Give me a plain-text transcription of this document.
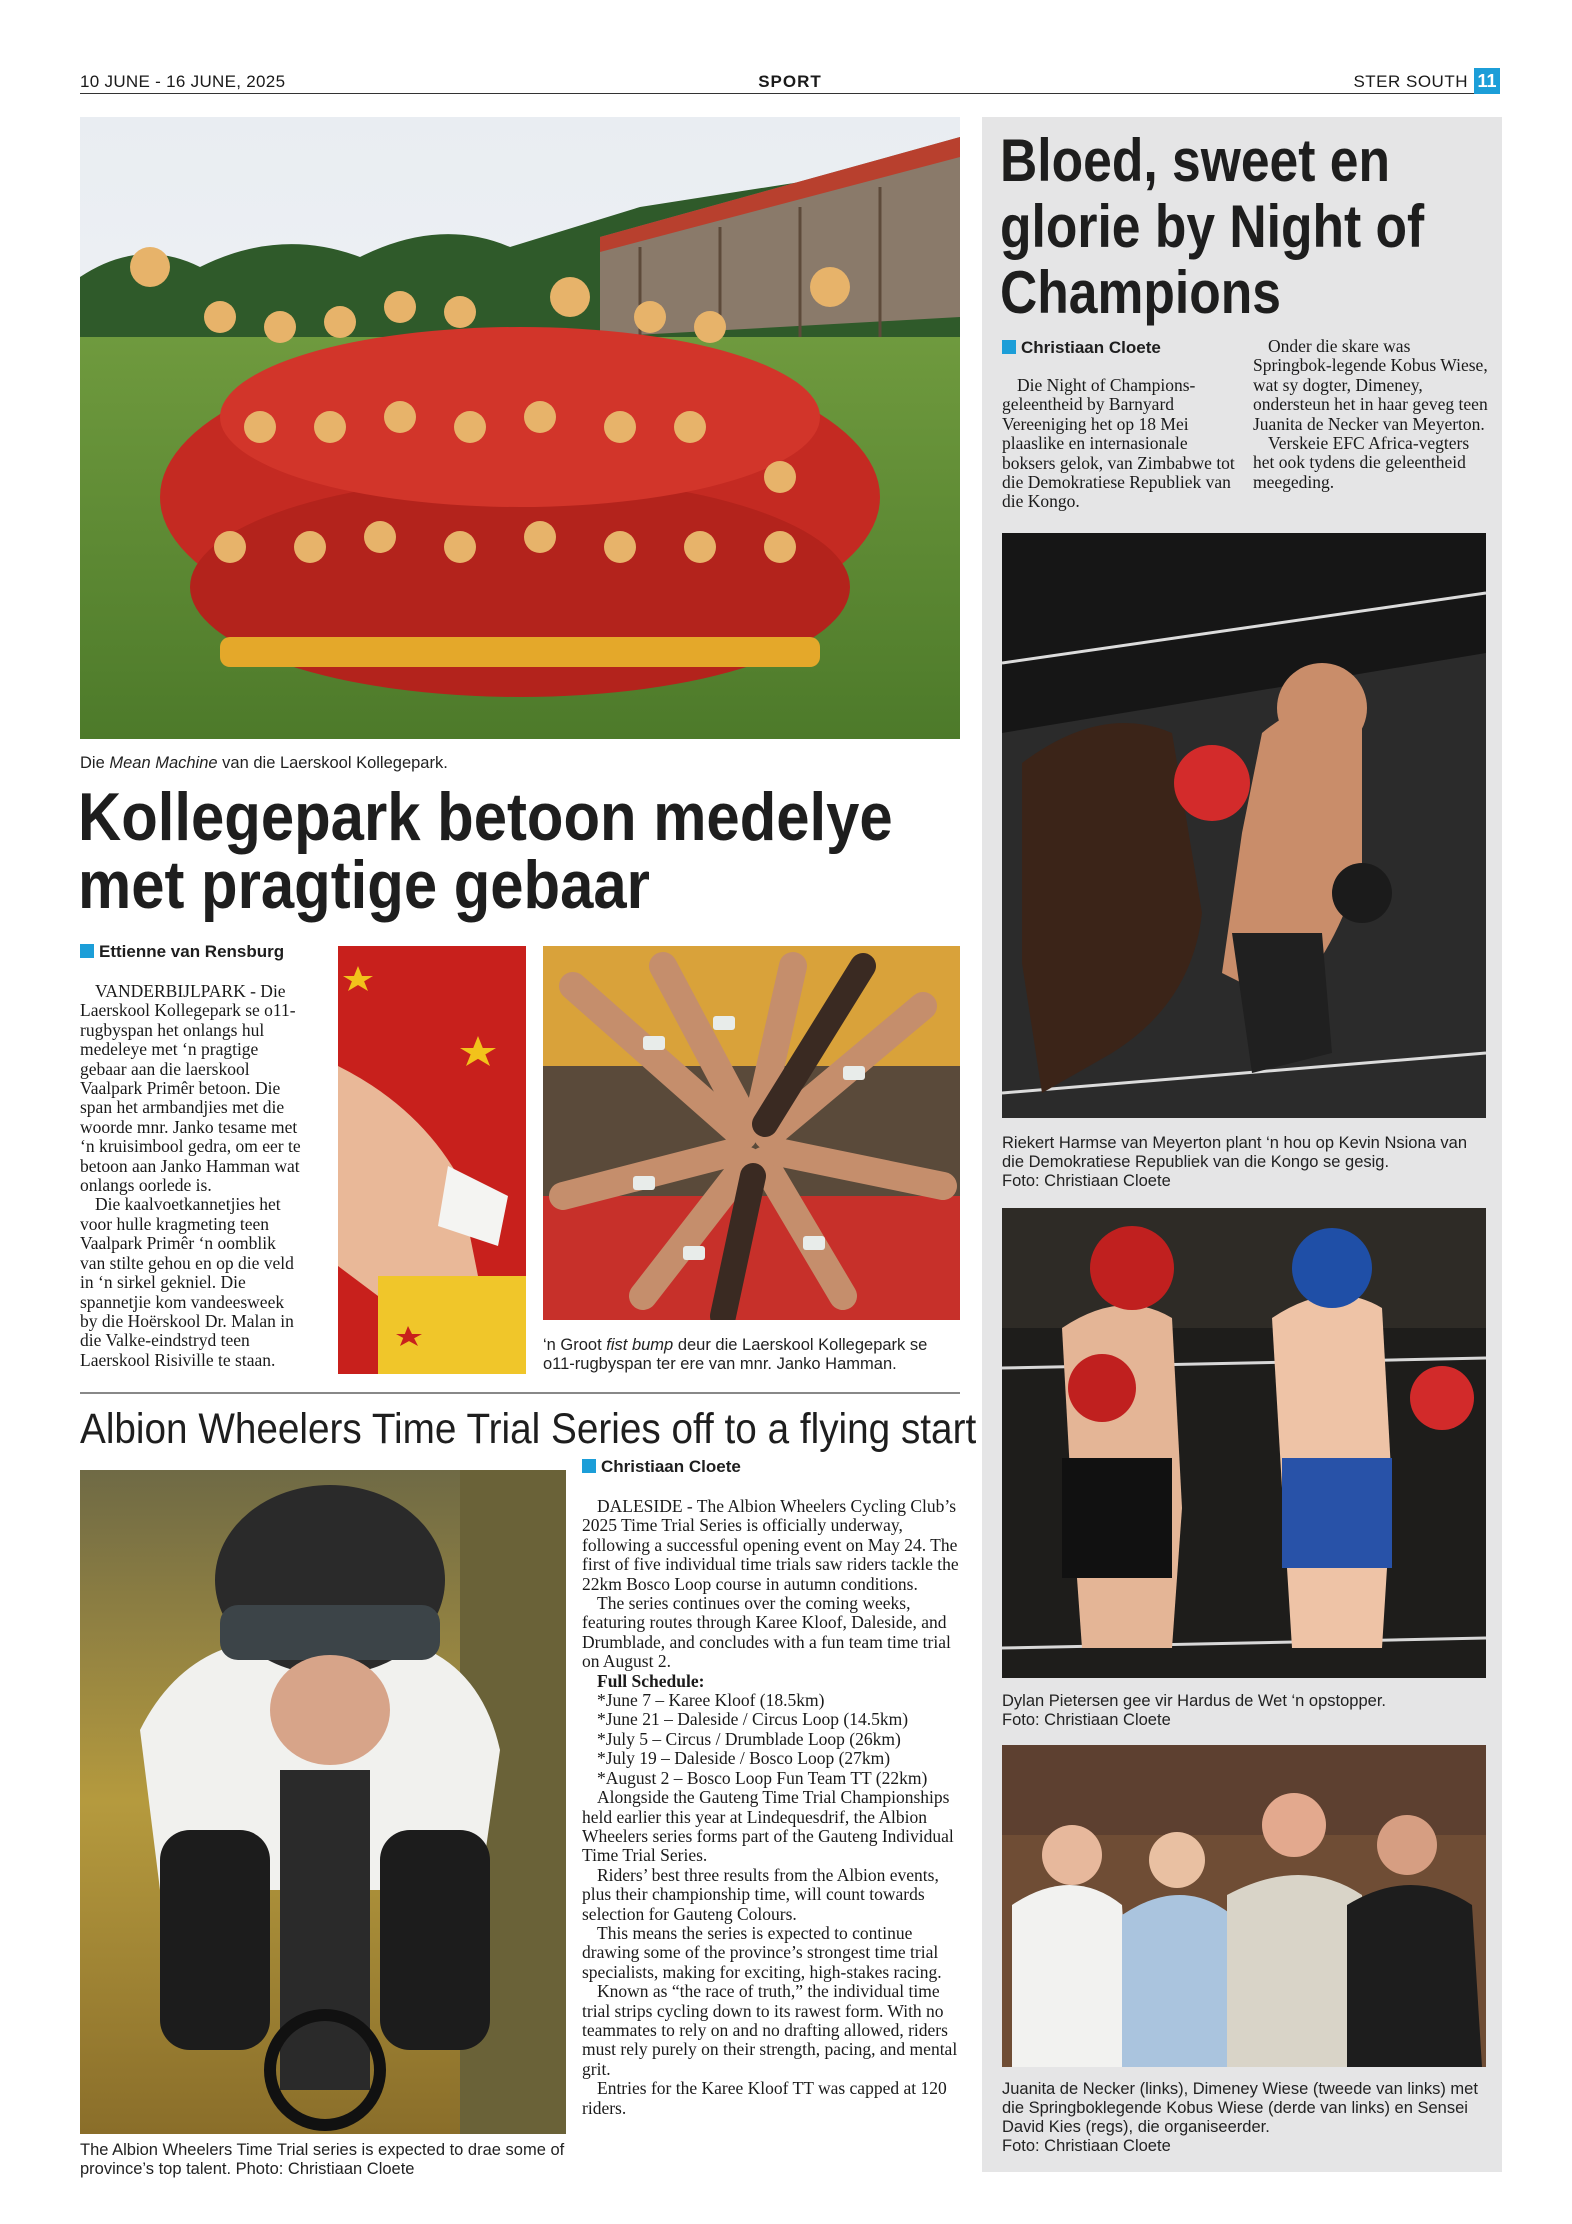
10 JUNE - 16 JUNE, 2025	SPORT	STER SOUTH 11
Die Mean Machine van die Laerskool Kollegepark.
Kollegepark betoon medelye
met pragtige gebaar
Ettienne van Rensburg

VANDERBIJLPARK - Die Laerskool Kollegepark se o11-rugbyspan het onlangs hul medeleye met ‘n pragtige gebaar aan die laerskool Vaalpark Primêr betoon. Die span het armbandjies met die woorde mnr. Janko tesame met ‘n kruisimbool gedra, om eer te betoon aan Janko Hamman wat onlangs oorlede is.

Die kaalvoetkannetjies het voor hulle kragmeting teen Vaalpark Primêr ‘n oomblik van stilte gehou en op die veld in ‘n sirkel gekniel. Die spannetjie kom vandeesweek by die Hoërskool Dr. Malan in die Valke-eindstryd teen Laerskool Risiville te staan.

‘n Groot fist bump deur die Laerskool Kollegepark se o11-rugbyspan ter ere van mnr. Janko Hamman.
Albion Wheelers Time Trial Series off to a flying start
The Albion Wheelers Time Trial series is expected to drae some of province’s top talent. Photo: Christiaan Cloete
Christiaan Cloete

DALESIDE - The Albion Wheelers Cycling Club’s 2025 Time Trial Series is officially underway, following a successful opening event on May 24. The first of five individual time trials saw riders tackle the 22km Bosco Loop course in autumn conditions.

The series continues over the coming weeks, featuring routes through Karee Kloof, Daleside, and Drumblade, and concludes with a fun team time trial on August 2.

Full Schedule:

*June 7 – Karee Kloof (18.5km)

*June 21 – Daleside / Circus Loop (14.5km)

*July 5 – Circus / Drumblade Loop (26km)

*July 19 – Daleside / Bosco Loop (27km)

*August 2 – Bosco Loop Fun Team TT (22km)

Alongside the Gauteng Time Trial Championships held earlier this year at Lindequesdrif, the Albion Wheelers series forms part of the Gauteng Individual Time Trial Series.

Riders’ best three results from the Albion events, plus their championship time, will count towards selection for Gauteng Colours.

This means the series is expected to continue drawing some of the province’s strongest time trial specialists, making for exciting, high-stakes racing.

Known as “the race of truth,” the individual time trial strips cycling down to its rawest form. With no teammates to rely on and no drafting allowed, riders must rely purely on their strength, pacing, and mental grit.

Entries for the Karee Kloof TT was capped at 120 riders.

Bloed, sweet en
glorie by Night of
Champions
Christiaan Cloete

Die Night of Champions-geleentheid by Barnyard Vereeniging het op 18 Mei plaaslike en internasionale boksers gelok, van Zimbabwe tot die Demokratiese Republiek van die Kongo.

Onder die skare was Springbok-legende Kobus Wiese, wat sy dogter, Dimeney, ondersteun het in haar geveg teen Juanita de Necker van Meyerton.

Verskeie EFC Africa-vegters het ook tydens die geleentheid meegeding.

Riekert Harmse van Meyerton plant ‘n hou op Kevin Nsiona van die Demokratiese Republiek van die Kongo se gesig.
Foto: Christiaan Cloete
Dylan Pietersen gee vir Hardus de Wet ‘n opstopper.
Foto: Christiaan Cloete
Juanita de Necker (links), Dimeney Wiese (tweede van links) met die Springboklegende Kobus Wiese (derde van links) en Sensei David Kies (regs), die organiseerder.
Foto: Christiaan Cloete
